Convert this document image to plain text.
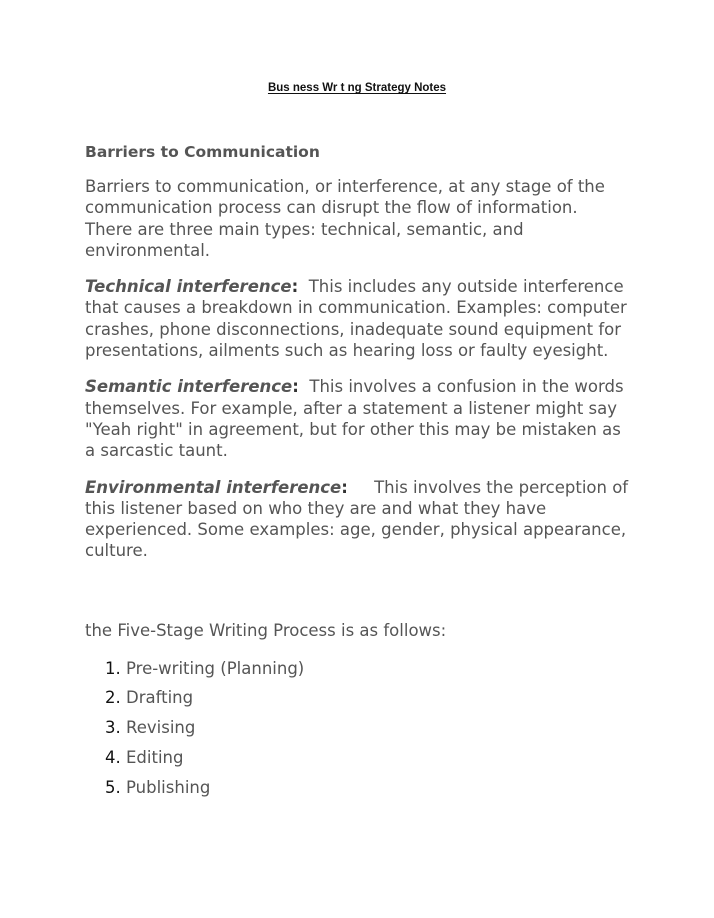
Bus ness Wr t ng Strategy Notes
Barriers to Communication

Barriers to communication, or interference, at any stage of the communication process can disrupt the flow of information. There are three main types: technical, semantic, and environmental.

Technical interference: This includes any outside interference that causes a breakdown in communication. Examples: computer crashes, phone disconnections, inadequate sound equipment for presentations, ailments such as hearing loss or faulty eyesight.

Semantic interference: This involves a confusion in the words themselves. For example, after a statement a listener might say "Yeah right" in agreement, but for other this may be mistaken as a sarcastic taunt.

Environmental interference: This involves the perception of this listener based on who they are and what they have experienced. Some examples: age, gender, physical appearance, culture.

the Five-Stage Writing Process is as follows:

1. Pre-writing (Planning)
2. Drafting
3. Revising
4. Editing
5. Publishing
